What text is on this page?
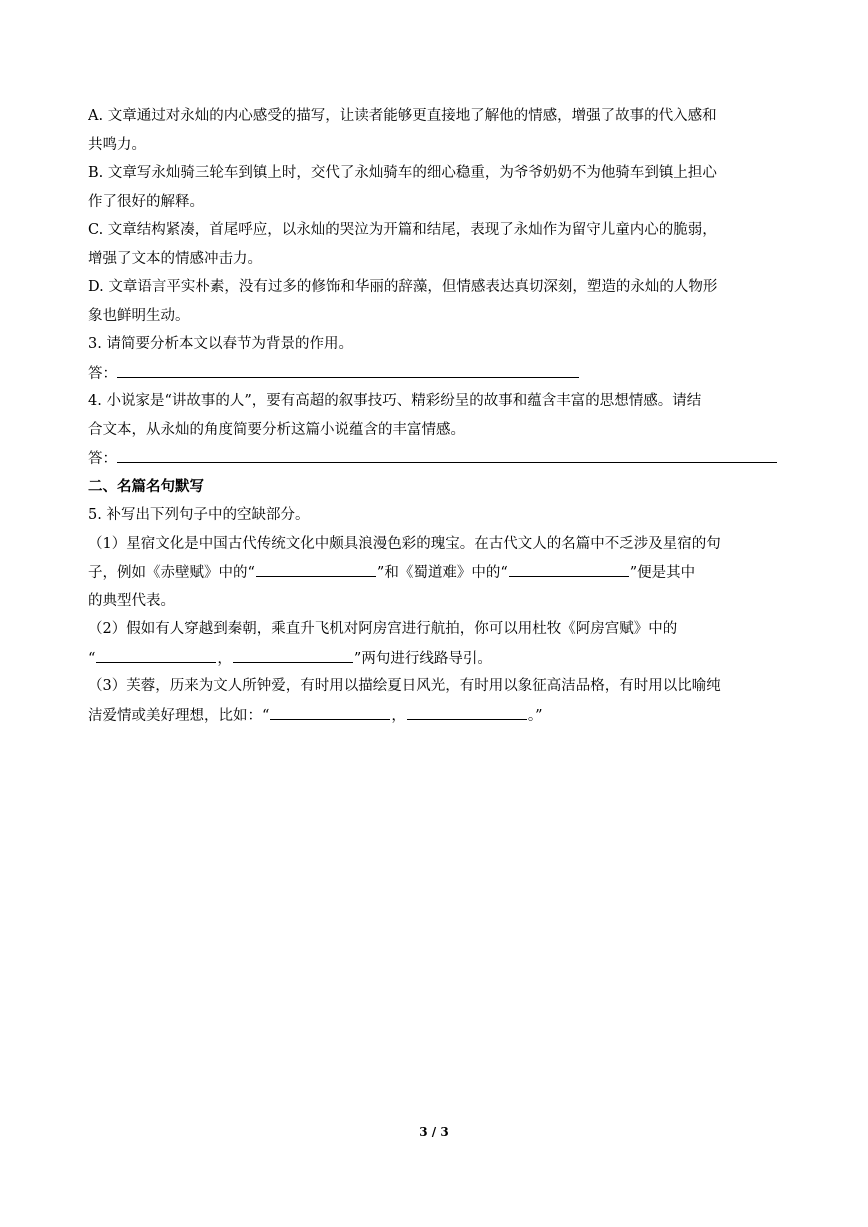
A. 文章通过对永灿的内心感受的描写，让读者能够更直接地了解他的情感，增强了故事的代入感和
共鸣力。
B. 文章写永灿骑三轮车到镇上时，交代了永灿骑车的细心稳重，为爷爷奶奶不为他骑车到镇上担心
作了很好的解释。
C. 文章结构紧凑，首尾呼应，以永灿的哭泣为开篇和结尾，表现了永灿作为留守儿童内心的脆弱，
增强了文本的情感冲击力。
D. 文章语言平实朴素，没有过多的修饰和华丽的辞藻，但情感表达真切深刻，塑造的永灿的人物形
象也鲜明生动。
3. 请简要分析本文以春节为背景的作用。
答：
4. 小说家是“讲故事的人”，要有高超的叙事技巧、精彩纷呈的故事和蕴含丰富的思想情感。请结
合文本，从永灿的角度简要分析这篇小说蕴含的丰富情感。
答：
二、名篇名句默写
5. 补写出下列句子中的空缺部分。
（1）星宿文化是中国古代传统文化中颇具浪漫色彩的瑰宝。在古代文人的名篇中不乏涉及星宿的句
子，例如《赤壁赋》中的“	”和《蜀道难》中的“	”便是其中
的典型代表。
（2）假如有人穿越到秦朝，乘直升飞机对阿房宫进行航拍，你可以用杜牧《阿房宫赋》中的
“	，	”两句进行线路导引。
（3）芙蓉，历来为文人所钟爱，有时用以描绘夏日风光，有时用以象征高洁品格，有时用以比喻纯
洁爱情或美好理想，比如：“	，	。”
3 / 3
